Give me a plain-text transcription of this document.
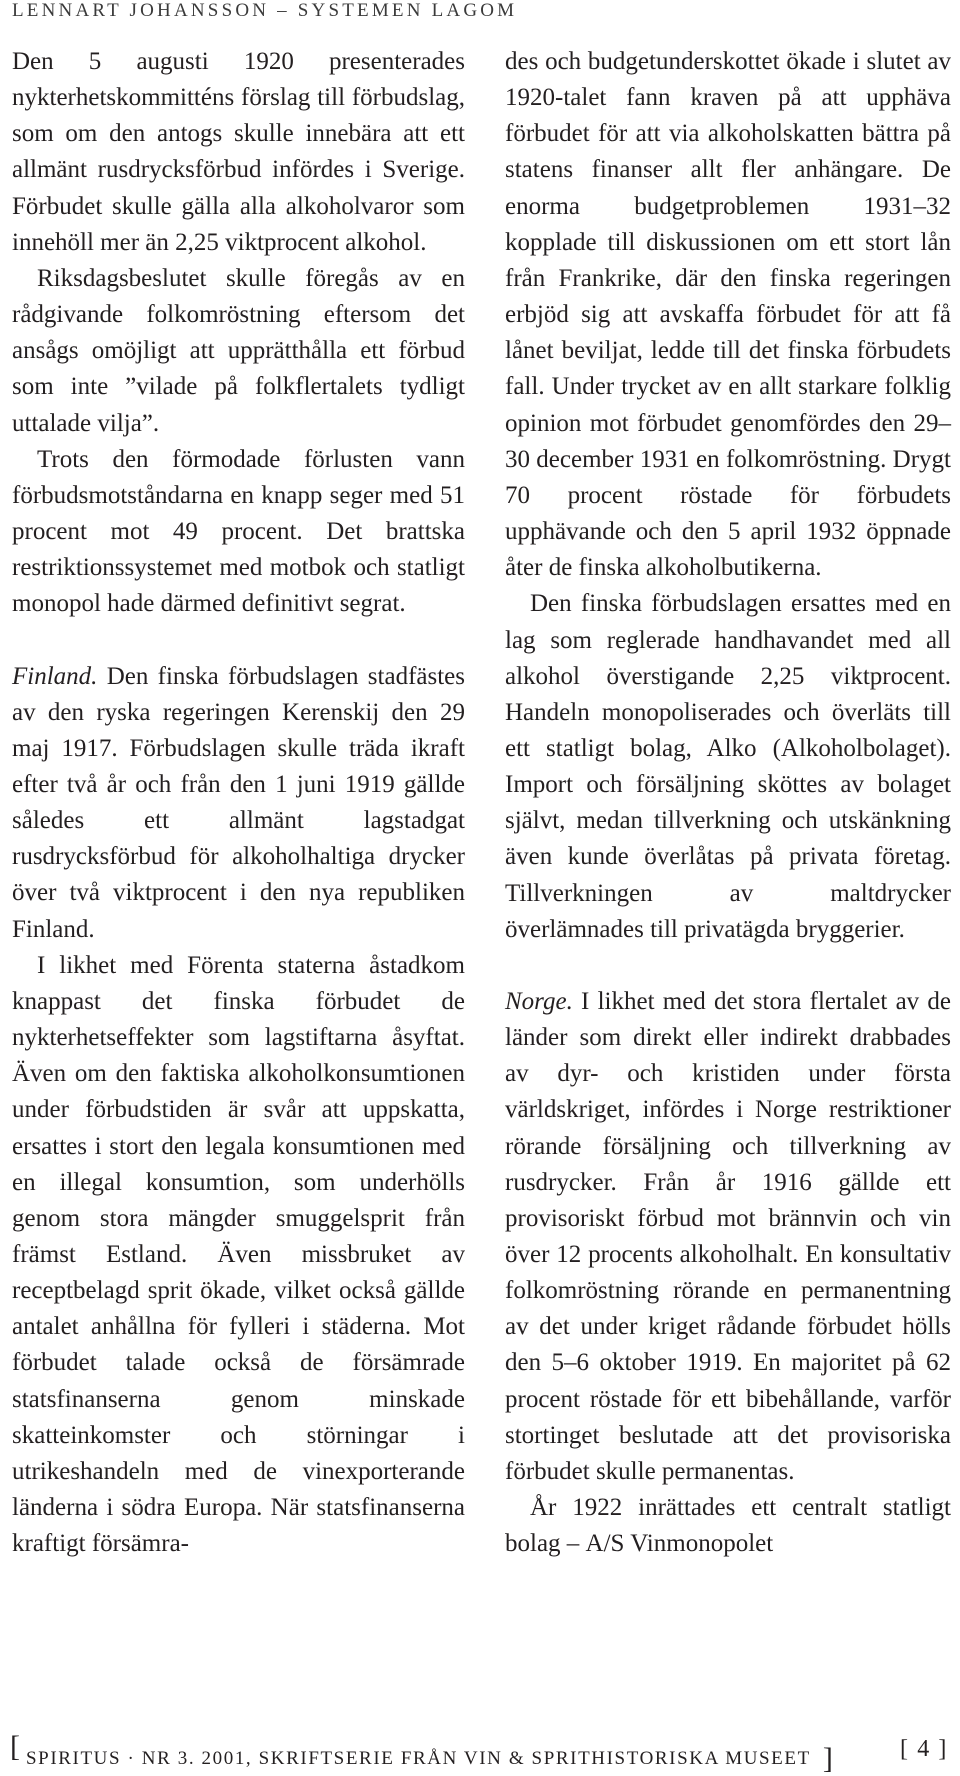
LENNART JOHANSSON – SYSTEMEN LAGOM

Den 5 augusti 1920 presenterades nykterhetskommitténs förslag till förbudslag, som om den antogs skulle innebära att ett allmänt rusdrycksförbud infördes i Sverige. Förbudet skulle gälla alla alkoholvaror som innehöll mer än 2,25 viktprocent alkohol.

Riksdagsbeslutet skulle föregås av en rådgivande folkomröstning eftersom det ansågs omöjligt att upprätthålla ett förbud som inte ”vilade på folkflertalets tydligt uttalade vilja”.

Trots den förmodade förlusten vann förbudsmotståndarna en knapp seger med 51 procent mot 49 procent. Det brattska restriktionssystemet med motbok och statligt monopol hade därmed definitivt segrat.

Finland. Den finska förbudslagen stadfästes av den ryska regeringen Kerenskij den 29 maj 1917. Förbudslagen skulle träda ikraft efter två år och från den 1 juni 1919 gällde således ett allmänt lagstadgat rusdrycksförbud för alkoholhaltiga drycker över två viktprocent i den nya republiken Finland.

I likhet med Förenta staterna åstadkom knappast det finska förbudet de nykterhetseffekter som lagstiftarna åsyftat. Även om den faktiska alkoholkonsumtionen under förbudstiden är svår att uppskatta, ersattes i stort den legala konsumtionen med en illegal konsumtion, som underhölls genom stora mängder smuggelsprit från främst Estland. Även missbruket av receptbelagd sprit ökade, vilket också gällde antalet anhållna för fylleri i städerna. Mot förbudet talade också de försämrade statsfinanserna genom minskade skatteinkomster och störningar i utrikeshandeln med de vinexporterande länderna i södra Europa. När statsfinanserna kraftigt försämra-

des och budgetunderskottet ökade i slutet av 1920-talet fann kraven på att upphäva förbudet för att via alkoholskatten bättra på statens finanser allt fler anhängare. De enorma budgetproblemen 1931–32 kopplade till diskussionen om ett stort lån från Frankrike, där den finska regeringen erbjöd sig att avskaffa förbudet för att få lånet beviljat, ledde till det finska förbudets fall. Under trycket av en allt starkare folklig opinion mot förbudet genomfördes den 29–30 december 1931 en folkomröstning. Drygt 70 procent röstade för förbudets upphävande och den 5 april 1932 öppnade åter de finska alkoholbutikerna.

Den finska förbudslagen ersattes med en lag som reglerade handhavandet med all alkohol överstigande 2,25 viktprocent. Handeln monopoliserades och överläts till ett statligt bolag, Alko (Alkoholbolaget). Import och försäljning sköttes av bolaget självt, medan tillverkning och utskänkning även kunde överlåtas på privata företag. Tillverkningen av maltdrycker överlämnades till privatägda bryggerier.

Norge. I likhet med det stora flertalet av de länder som direkt eller indirekt drabbades av dyr- och kristiden under första världskriget, infördes i Norge restriktioner rörande försäljning och tillverkning av rusdrycker. Från år 1916 gällde ett provisoriskt förbud mot brännvin och vin över 12 procents alkoholhalt. En konsultativ folkomröstning rörande en permanentning av det under kriget rådande förbudet hölls den 5–6 oktober 1919. En majoritet på 62 procent röstade för ett bibehållande, varför stortinget beslutade att det provisoriska förbudet skulle permanentas.

År 1922 inrättades ett centralt statligt bolag – A/S Vinmonopolet

[ SPIRITUS · NR 3. 2001, SKRIFTSERIE FRÅN VIN & SPRITHISTORISKA MUSEET ]	[ 4 ]
